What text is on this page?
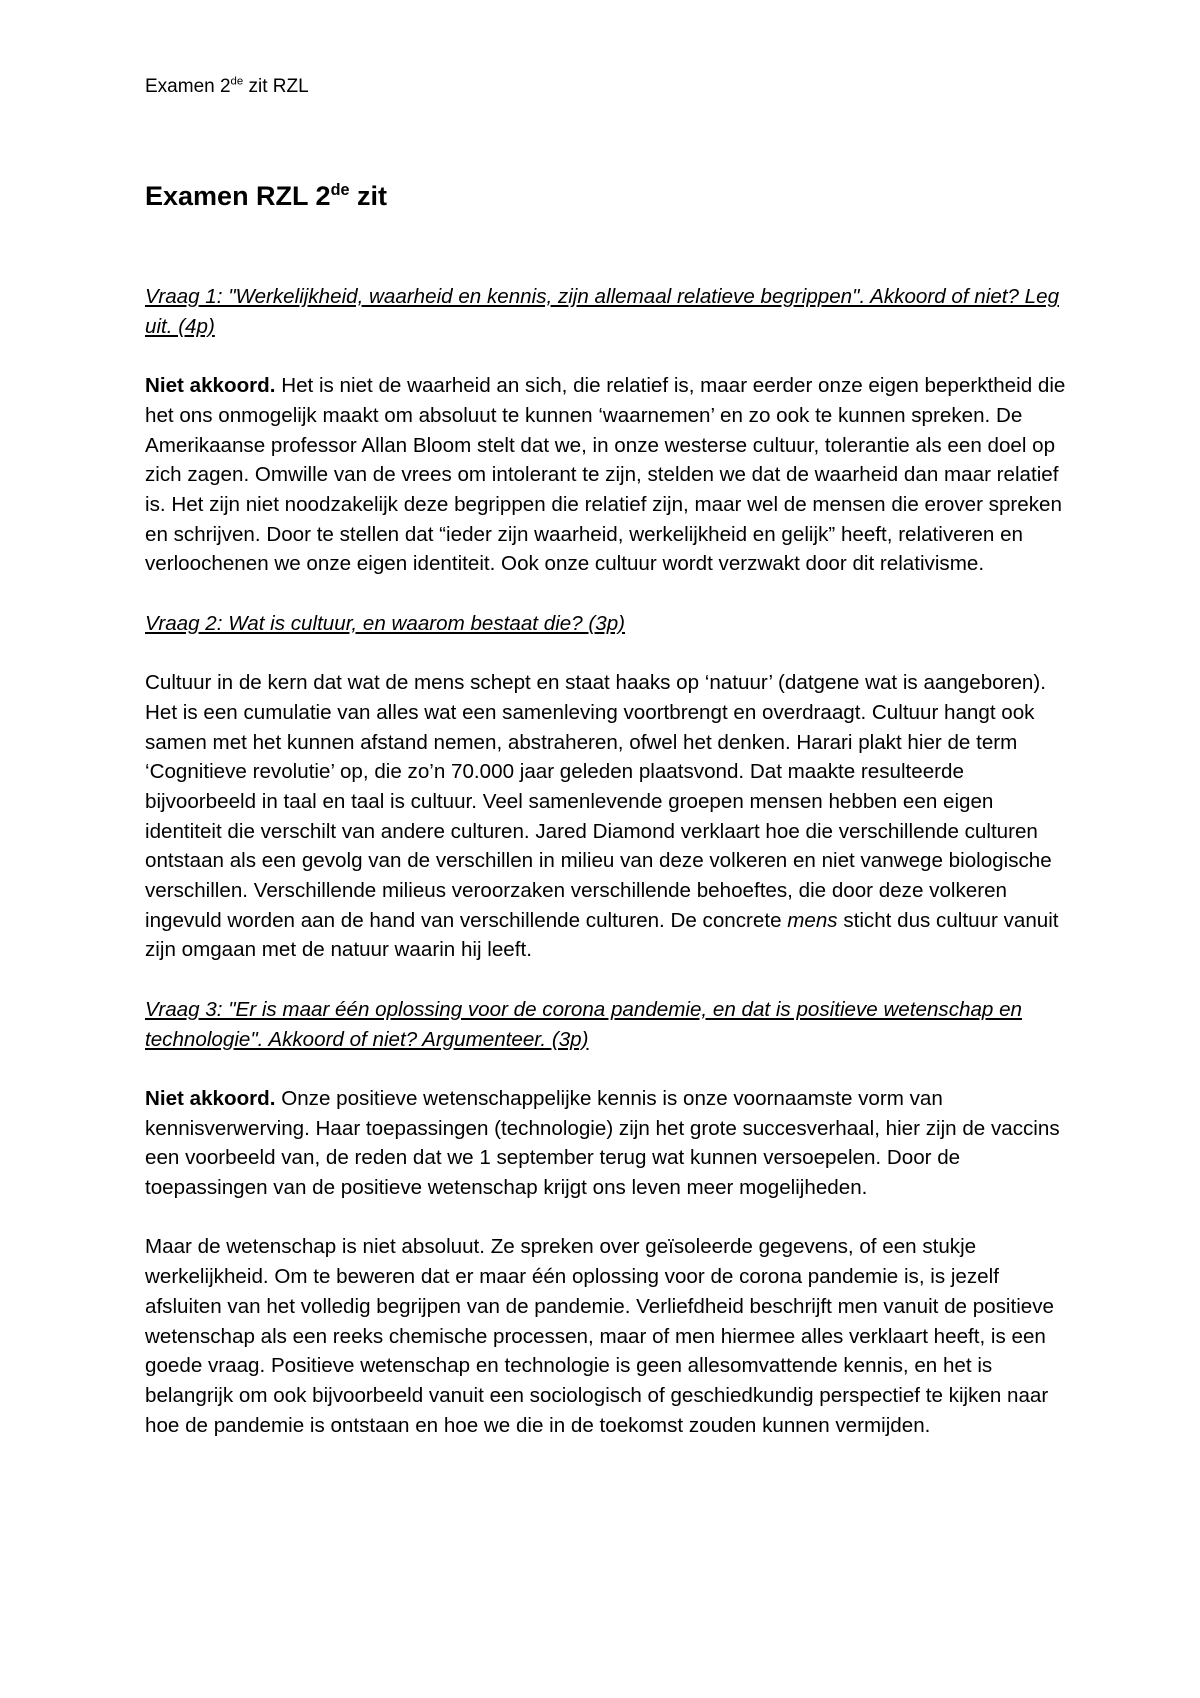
Examen 2de zit RZL
Examen RZL 2de zit

Vraag 1: "Werkelijkheid, waarheid en kennis, zijn allemaal relatieve begrippen". Akkoord of niet? Leg uit. (4p)

Niet akkoord. Het is niet de waarheid an sich, die relatief is, maar eerder onze eigen beperktheid die het ons onmogelijk maakt om absoluut te kunnen ‘waarnemen’ en zo ook te kunnen spreken. De Amerikaanse professor Allan Bloom stelt dat we, in onze westerse cultuur, tolerantie als een doel op zich zagen. Omwille van de vrees om intolerant te zijn, stelden we dat de waarheid dan maar relatief is. Het zijn niet noodzakelijk deze begrippen die relatief zijn, maar wel de mensen die erover spreken en schrijven. Door te stellen dat “ieder zijn waarheid, werkelijkheid en gelijk” heeft, relativeren en verloochenen we onze eigen identiteit. Ook onze cultuur wordt verzwakt door dit relativisme.

Vraag 2: Wat is cultuur, en waarom bestaat die? (3p)

Cultuur in de kern dat wat de mens schept en staat haaks op ‘natuur’ (datgene wat is aangeboren). Het is een cumulatie van alles wat een samenleving voortbrengt en overdraagt. Cultuur hangt ook samen met het kunnen afstand nemen, abstraheren, ofwel het denken. Harari plakt hier de term ‘Cognitieve revolutie’ op, die zo’n 70.000 jaar geleden plaatsvond. Dat maakte resulteerde bijvoorbeeld in taal en taal is cultuur. Veel samenlevende groepen mensen hebben een eigen identiteit die verschilt van andere culturen. Jared Diamond verklaart hoe die verschillende culturen ontstaan als een gevolg van de verschillen in milieu van deze volkeren en niet vanwege biologische verschillen. Verschillende milieus veroorzaken verschillende behoeftes, die door deze volkeren ingevuld worden aan de hand van verschillende culturen. De concrete mens sticht dus cultuur vanuit zijn omgaan met de natuur waarin hij leeft.

Vraag 3: "Er is maar één oplossing voor de corona pandemie, en dat is positieve wetenschap en technologie". Akkoord of niet? Argumenteer. (3p)

Niet akkoord. Onze positieve wetenschappelijke kennis is onze voornaamste vorm van kennisverwerving. Haar toepassingen (technologie) zijn het grote succesverhaal, hier zijn de vaccins een voorbeeld van, de reden dat we 1 september terug wat kunnen versoepelen. Door de toepassingen van de positieve wetenschap krijgt ons leven meer mogelijheden.

Maar de wetenschap is niet absoluut. Ze spreken over geïsoleerde gegevens, of een stukje werkelijkheid. Om te beweren dat er maar één oplossing voor de corona pandemie is, is jezelf afsluiten van het volledig begrijpen van de pandemie. Verliefdheid beschrijft men vanuit de positieve wetenschap als een reeks chemische processen, maar of men hiermee alles verklaart heeft, is een goede vraag. Positieve wetenschap en technologie is geen allesomvattende kennis, en het is belangrijk om ook bijvoorbeeld vanuit een sociologisch of geschiedkundig perspectief te kijken naar hoe de pandemie is ontstaan en hoe we die in de toekomst zouden kunnen vermijden.
